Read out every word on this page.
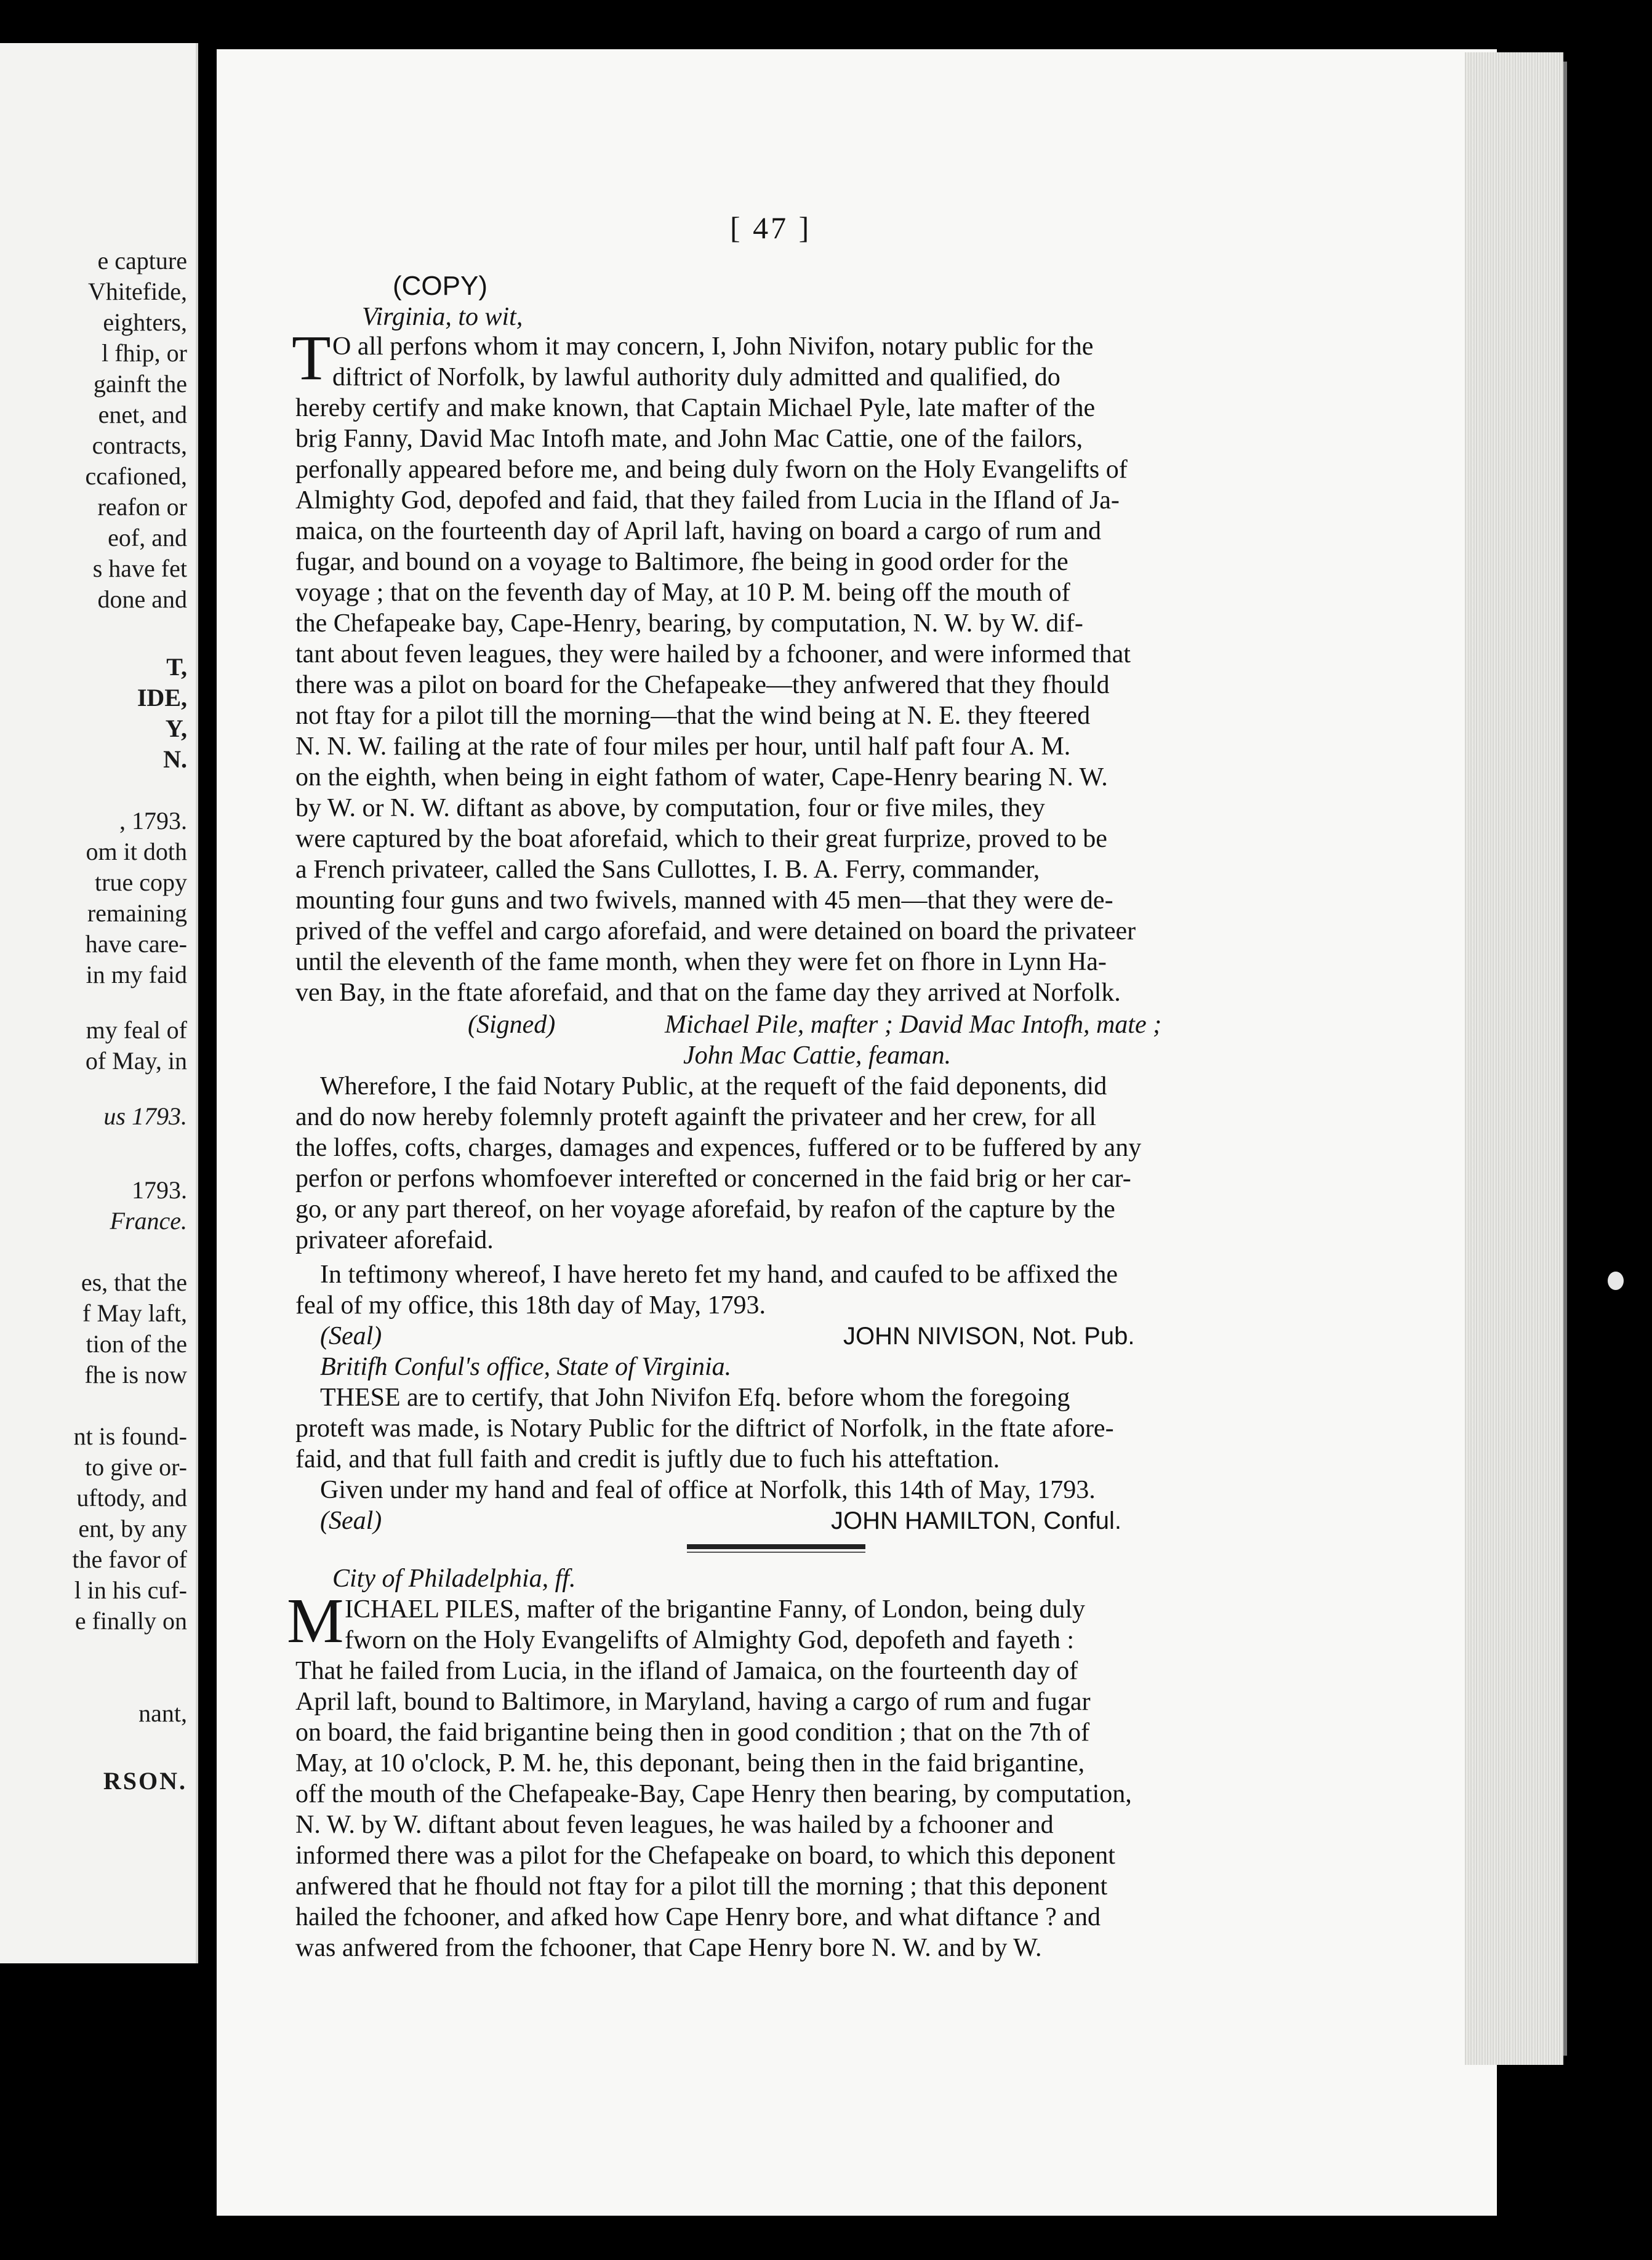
e capture
Vhitefide,
eighters,
l fhip, or
gainft the
enet, and
contracts,
ccafioned,
reafon or
eof, and
s have fet
done and
T,
IDE,
Y,
N.
, 1793.
om it doth
true copy
remaining
have care-
in my faid
my feal of
of May, in
us 1793.
1793.
France.
es, that the
f May laft,
tion of the
fhe is now
nt is found-
to give or-
uftody, and
ent, by any
the favor of
l in his cuf-
e finally on
nant,
RSON.
[ 47 ]
(COPY)
Virginia, to wit,
T O all perfons whom it may concern, I, John Nivifon, notary public for the
diftrict of Norfolk, by lawful authority duly admitted and qualified, do
hereby certify and make known, that Captain Michael Pyle, late mafter of the
brig Fanny, David Mac Intofh mate, and John Mac Cattie, one of the failors,
perfonally appeared before me, and being duly fworn on the Holy Evangelifts of
Almighty God, depofed and faid, that they failed from Lucia in the Ifland of Ja-
maica, on the fourteenth day of April laft, having on board a cargo of rum and
fugar, and bound on a voyage to Baltimore, fhe being in good order for the
voyage ; that on the feventh day of May, at 10 P. M. being off the mouth of
the Chefapeake bay, Cape-Henry, bearing, by computation, N. W. by W. dif-
tant about feven leagues, they were hailed by a fchooner, and were informed that
there was a pilot on board for the Chefapeake—they anfwered that they fhould
not ftay for a pilot till the morning—that the wind being at N. E. they fteered
N. N. W. failing at the rate of four miles per hour, until half paft four A. M.
on the eighth, when being in eight fathom of water, Cape-Henry bearing N. W.
by W. or N. W. diftant as above, by computation, four or five miles, they
were captured by the boat aforefaid, which to their great furprize, proved to be
a French privateer, called the Sans Cullottes, I. B. A. Ferry, commander,
mounting four guns and two fwivels, manned with 45 men—that they were de-
prived of the veffel and cargo aforefaid, and were detained on board the privateer
until the eleventh of the fame month, when they were fet on fhore in Lynn Ha-
ven Bay, in the ftate aforefaid, and that on the fame day they arrived at Norfolk.
(Signed)	Michael Pile, mafter ; David Mac Intofh, mate ;
John Mac Cattie, feaman.
Wherefore, I the faid Notary Public, at the requeft of the faid deponents, did
and do now hereby folemnly proteft againft the privateer and her crew, for all
the loffes, cofts, charges, damages and expences, fuffered or to be fuffered by any
perfon or perfons whomfoever interefted or concerned in the faid brig or her car-
go, or any part thereof, on her voyage aforefaid, by reafon of the capture by the
privateer aforefaid.
In teftimony whereof, I have hereto fet my hand, and caufed to be affixed the
feal of my office, this 18th day of May, 1793.
(Seal)	JOHN NIVISON, Not. Pub.
Britifh Conful's office, State of Virginia.
THESE are to certify, that John Nivifon Efq. before whom the foregoing
proteft was made, is Notary Public for the diftrict of Norfolk, in the ftate afore-
faid, and that full faith and credit is juftly due to fuch his atteftation.
Given under my hand and feal of office at Norfolk, this 14th of May, 1793.
(Seal)	JOHN HAMILTON, Conful.
City of Philadelphia, ff.
M ICHAEL PILES, mafter of the brigantine Fanny, of London, being duly
fworn on the Holy Evangelifts of Almighty God, depofeth and fayeth :
That he failed from Lucia, in the ifland of Jamaica, on the fourteenth day of
April laft, bound to Baltimore, in Maryland, having a cargo of rum and fugar
on board, the faid brigantine being then in good condition ; that on the 7th of
May, at 10 o'clock, P. M. he, this deponant, being then in the faid brigantine,
off the mouth of the Chefapeake-Bay, Cape Henry then bearing, by computation,
N. W. by W. diftant about feven leagues, he was hailed by a fchooner and
informed there was a pilot for the Chefapeake on board, to which this deponent
anfwered that he fhould not ftay for a pilot till the morning ; that this deponent
hailed the fchooner, and afked how Cape Henry bore, and what diftance ? and
was anfwered from the fchooner, that Cape Henry bore N. W. and by W.
